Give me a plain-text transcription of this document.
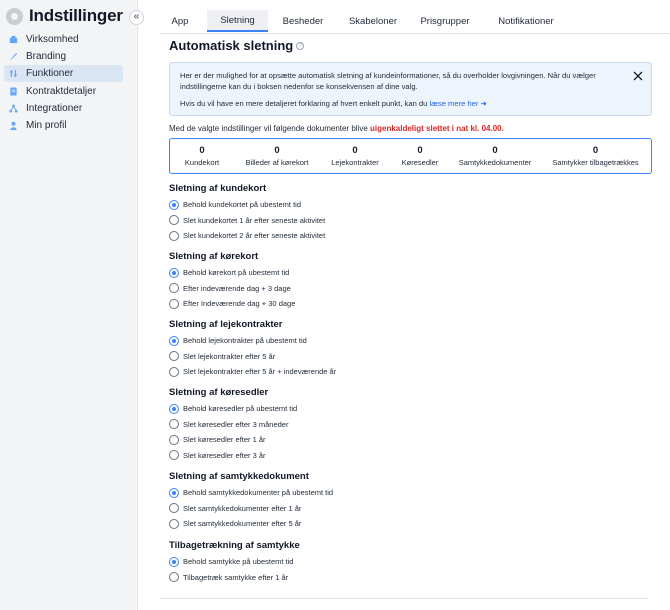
Indstillinger
Virksomhed
Branding
Funktioner
Kontraktdetaljer
Integrationer
Min profil
«	App	Sletning	Besheder	Skabeloner	Prisgrupper	Notifikationer
Automatisk sletning ?

Her er der mulighed for at opsætte automatisk sletning af kundeinformationer, så du overholder lovgivningen. Når du vælger indstillingerne kan du i boksen nedenfor se konsekvensen af dine valg.

Hvis du vil have en mere detaljeret forklaring af hvert enkelt punkt, kan du læse mere her ➜

Med de valgte indstillinger vil følgende dokumenter blive uigenkaldeligt slettet i nat kl. 04.00.
0
Kundekort
0
Billeder af kørekort
0
Lejekontrakter
0
Køresedler
0
Samtykkedokumenter
0
Samtykker tilbagetrækkes
Sletning af kundekort
Behold kundekortet på ubestemt tid
Slet kundekortet 1 år efter seneste aktivitet
Slet kundekortet 2 år efter seneste aktivitet
Sletning af kørekort
Behold kørekort på ubestemt tid
Efter indeværende dag + 3 dage
Efter Indeværende dag + 30 dage
Sletning af lejekontrakter
Behold lejekontrakter på ubestemt tid
Slet lejekontrakter efter 5 år
Slet lejekontrakter efter 5 år + indeværende år
Sletning af køresedler
Behold køresedler på ubestemt tid
Slet køresedler efter 3 måneder
Slet køresedler efter 1 år
Slet køresedler efter 3 år
Sletning af samtykkedokument
Behold samtykkedokumenter på ubestemt tid
Slet samtykkedokumenter efter 1 år
Slet samtykkedokumenter efter 5 år
Tilbagetrækning af samtykke
Behold samtykke på ubestemt tid
Tilbagetræk samtykke efter 1 år
